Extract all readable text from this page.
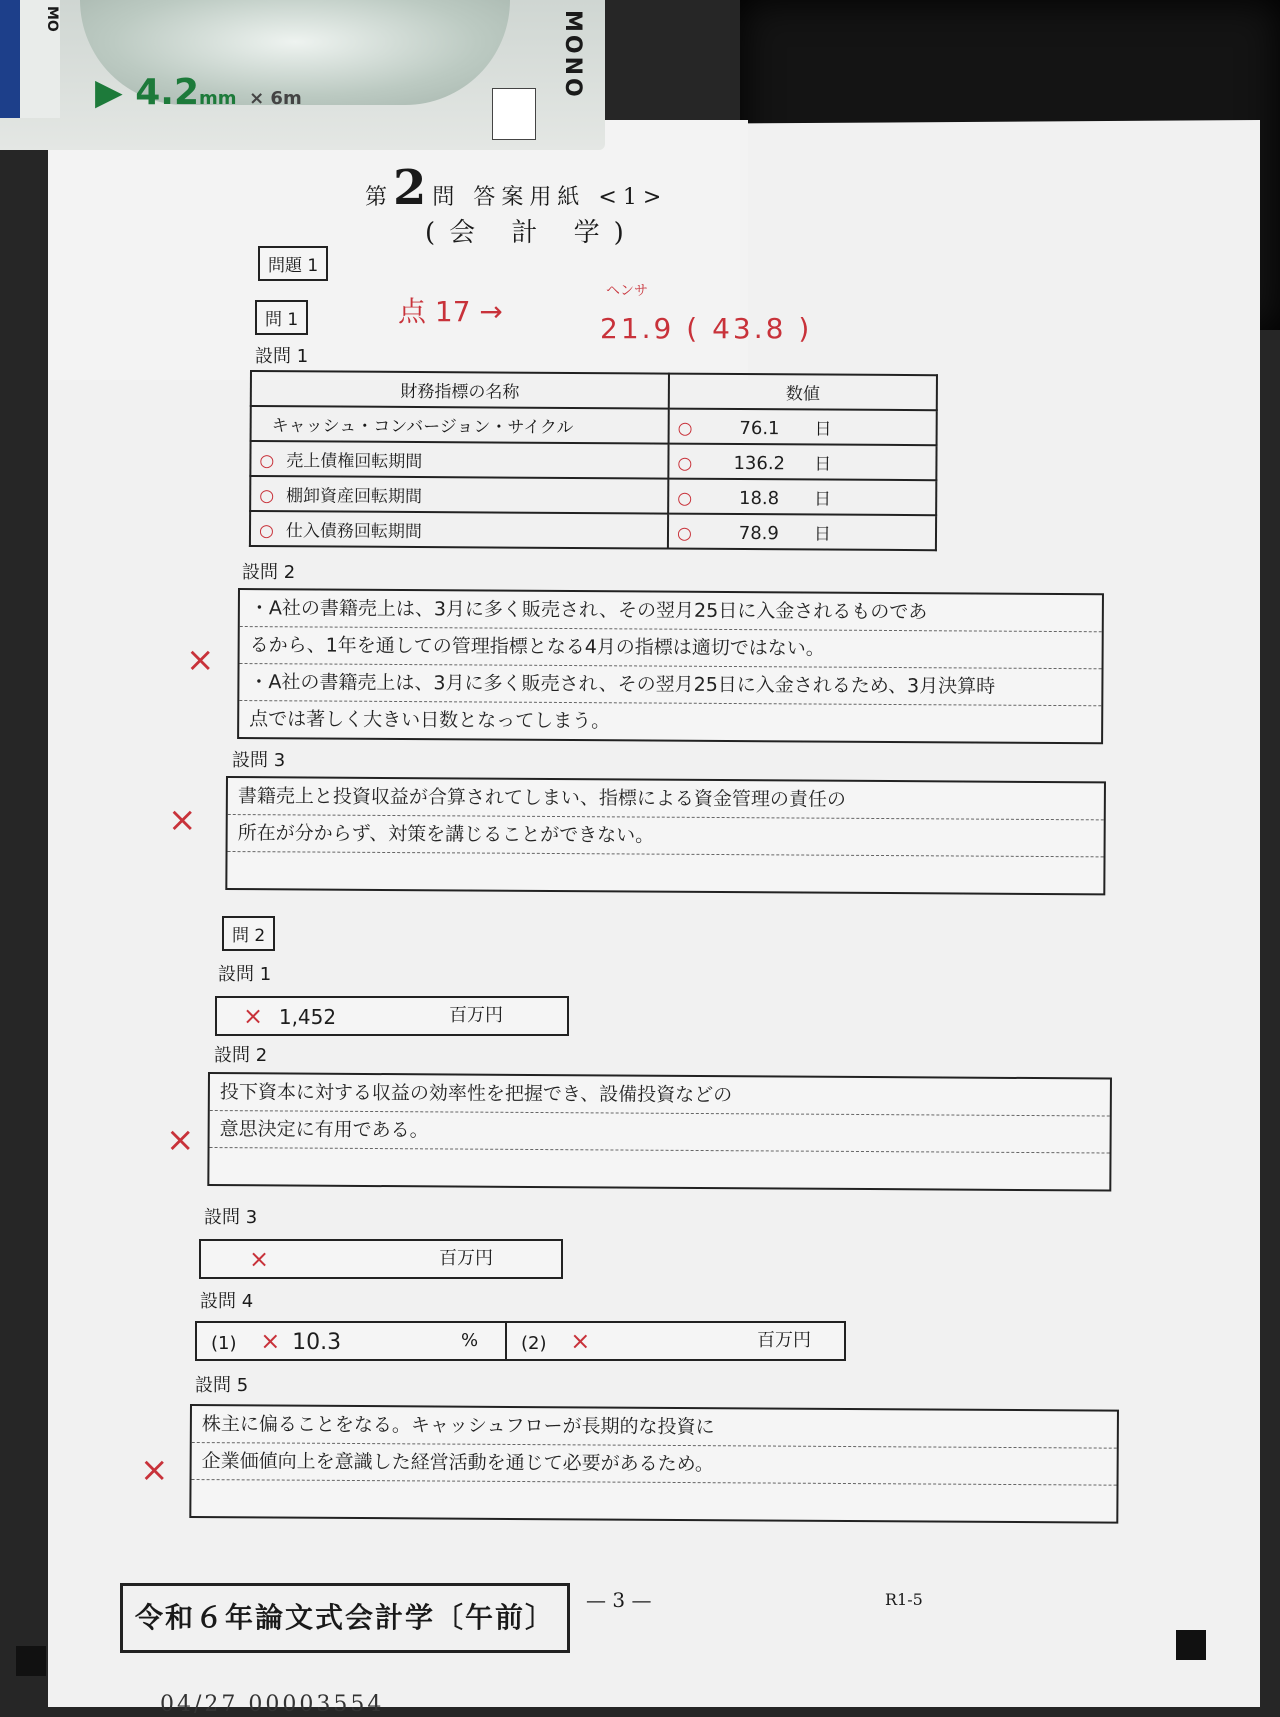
MO
▶ 4.2mm × 6m	MONO
第2問 答案用紙 <1>
(会 計 学)
問題 1
問 1	点 17 →
ヘンサ
21.9 ( 43.8 )
設問 1
財務指標の名称	数値
キャッシュ・コンバージョン・サイクル	○ 76.1 日
○ 売上債権回転期間	○ 136.2 日
○ 棚卸資産回転期間	○ 18.8 日
○ 仕入債務回転期間	○ 78.9 日
設問 2
×
・A社の書籍売上は、3月に多く販売され、その翌月25日に入金されるものであ
るから、1年を通しての管理指標となる4月の指標は適切ではない。
・A社の書籍売上は、3月に多く販売され、その翌月25日に入金されるため、3月決算時
点では著しく大きい日数となってしまう。
設問 3
×
書籍売上と投資収益が合算されてしまい、指標による資金管理の責任の
所在が分からず、対策を講じることができない。
問 2
設問 1
× 1,452	百万円
設問 2
×
投下資本に対する収益の効率性を把握でき、設備投資などの
意思決定に有用である。
設問 3
×	百万円
設問 4
(1) × 10.3	%	(2) ×	百万円
設問 5
×
株主に偏ることをなる。キャッシュフローが長期的な投資に
企業価値向上を意識した経営活動を通じて必要があるため。
令和６年論文式会計学〔午前〕
— 3 —	R1-5
04/27 00003554
